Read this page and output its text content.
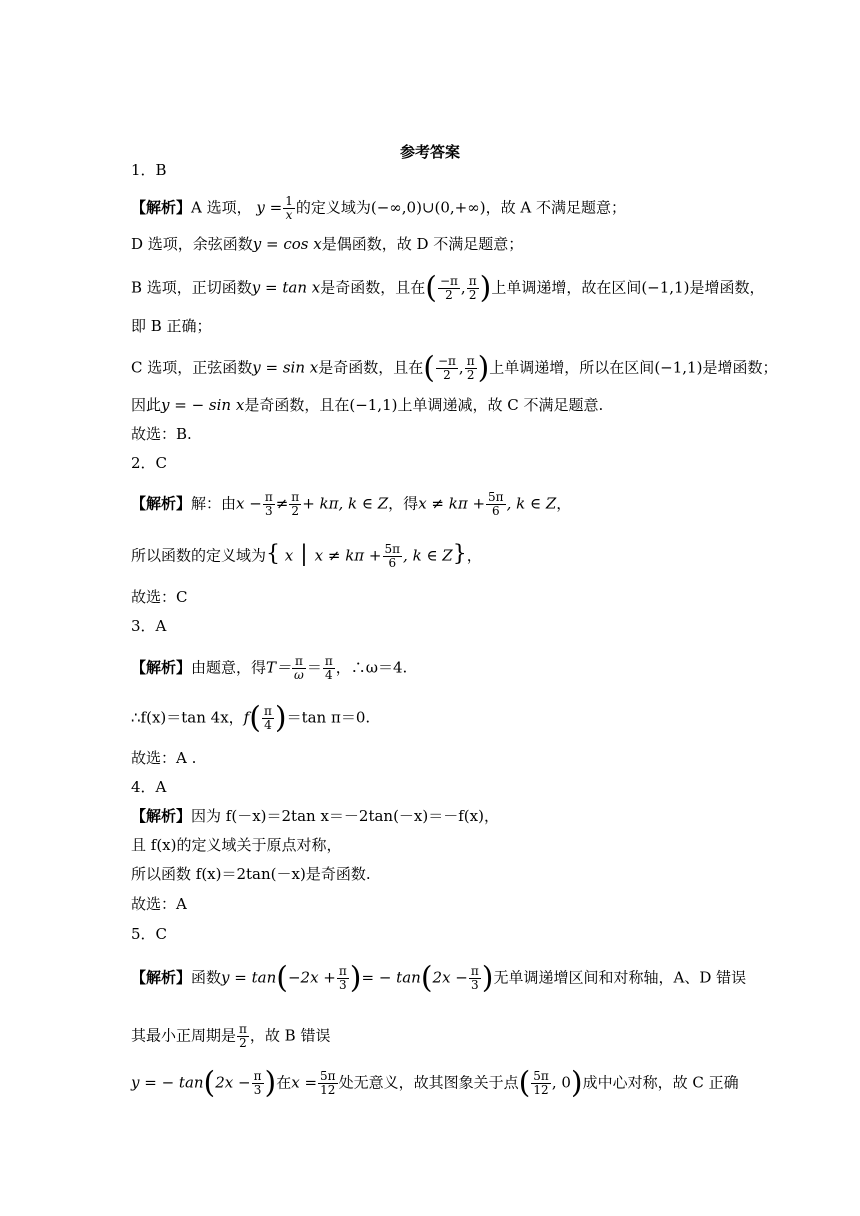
参考答案
1．B
【解析】A 选项， $y = \frac{1}{x}$ 的定义域为(−∞,0)∪(0,+∞)，故 A 不满足题意；
D 选项，余弦函数y = cos x是偶函数，故 D 不满足题意；
B 选项，正切函数y = tan x是奇函数，且在( $\frac{-\pi}{2}$ , $\frac{\pi}{2}$ )上单调递增，故在区间(−1,1)是增函数，
即 B 正确；
C 选项，正弦函数y = sin x是奇函数，且在( $\frac{-\pi}{2}$ , $\frac{\pi}{2}$ )上单调递增，所以在区间(−1,1)是增函数；
因此y = − sin x是奇函数，且在(−1,1)上单调递减，故 C 不满足题意.
故选：B.
2．C
【解析】解：由$x - \frac{\pi}{3} \ne \frac{\pi}{2} + k\pi$, k ∈ Z，得$x \ne k\pi + \frac{5\pi}{6}$ , k ∈ Z，
所以函数的定义域为{ x | $x \ne k\pi + \frac{5\pi}{6}$ , k ∈ Z}，
故选：C
3．A
【解析】由题意，得$T= \frac{\pi}{\omega} = \frac{\pi}{4}$ ，∴ω＝4.
∴f(x)＝tan 4x，$f( \frac{\pi}{4} )=\tan$ π＝0.
故选：A .
4．A
【解析】因为 f(－x)＝2tan x＝－2tan(－x)＝－f(x)，
且 f(x)的定义域关于原点对称，
所以函数 f(x)＝2tan(－x)是奇函数.
故选：A
5．C
【解析】函数$y = \tan(-2x + \frac{\pi}{3}$ )= − $\tan(2x - \frac{\pi}{3}$ )无单调递增区间和对称轴，A、D 错误
其最小正周期是 $\frac{\pi}{2}$ ，故 B 错误
y = − $\tan(2x - \frac{\pi}{3}$ )在$x = \frac{5\pi}{12}$ 处无意义，故其图象关于点( $\frac{5\pi}{12}$ , 0)成中心对称，故 C 正确
